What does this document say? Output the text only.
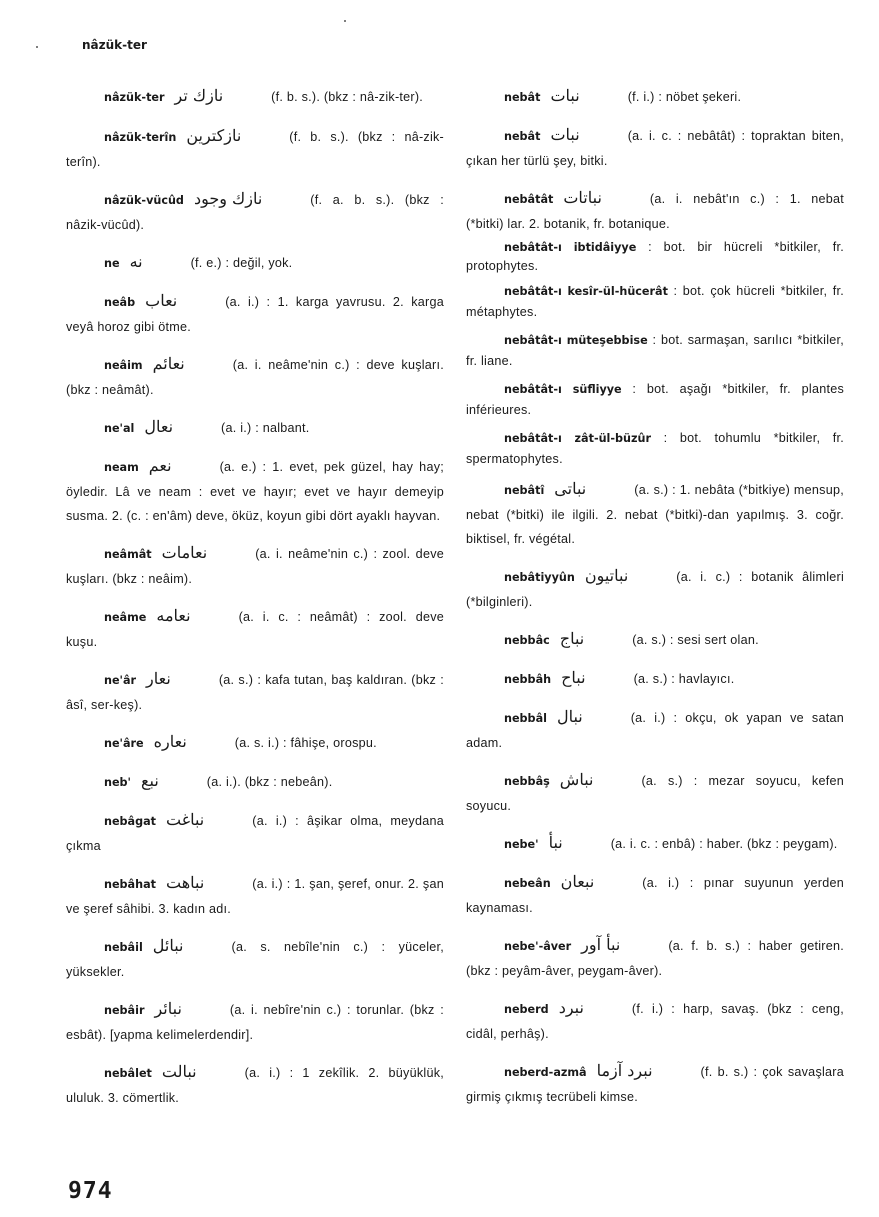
nâzük-ter
nâzük-ter نازك تر	(f. b. s.). (bkz : nâ-zik-ter).
nâzük-terîn نازكترين	(f. b. s.). (bkz : nâ-zik-terîn).
nâzük-vücûd نازك وجود	(f. a. b. s.). (bkz : nâzik-vücûd).
ne نه	(f. e.) : değil, yok.
neâb نعاب	(a. i.) : 1. karga yavrusu. 2. karga veyâ horoz gibi ötme.
neâim نعائم	(a. i. neâme'nin c.) : deve kuşları. (bkz : neâmât).
ne'al نعال	(a. i.) : nalbant.
neam نعم	(a. e.) : 1. evet, pek güzel, hay hay; öyledir. Lâ ve neam : evet ve hayır; evet ve hayır demeyip susma. 2. (c. : en'âm) deve, öküz, koyun gibi dört ayaklı hayvan.
neâmât نعامات	(a. i. neâme'nin c.) : zool. deve kuşları. (bkz : neâim).
neâme نعامه	(a. i. c. : neâmât) : zool. deve kuşu.
ne'âr نعار	(a. s.) : kafa tutan, baş kaldıran. (bkz : âsî, ser-keş).
ne'âre نعاره	(a. s. i.) : fâhişe, orospu.
neb' نبع	(a. i.). (bkz : nebeân).
nebâgat نباغت	(a. i.) : âşikar olma, meydana çıkma
nebâhat نباهت	(a. i.) : 1. şan, şeref, onur. 2. şan ve şeref sâhibi. 3. kadın adı.
nebâil نبائل	(a. s. nebîle'nin c.) : yüceler, yüksekler.
nebâir نبائر	(a. i. nebîre'nin c.) : torunlar. (bkz : esbât). [yapma kelimelerdendir].
nebâlet نبالت	(a. i.) : 1 zekîlik. 2. büyüklük, ululuk. 3. cömertlik.
nebât نبات	(f. i.) : nöbet şekeri.
nebât نبات	(a. i. c. : nebâtât) : topraktan biten, çıkan her türlü şey, bitki.
nebâtât نباتات	(a. i. nebât'ın c.) : 1. nebat (*bitki) lar. 2. botanik, fr. botanique.
nebâtât-ı ibtidâiyye : bot. bir hücreli *bitkiler, fr. protophytes.
nebâtât-ı kesîr-ül-hücerât : bot. çok hücreli *bitkiler, fr. métaphytes.
nebâtât-ı müteşebbise : bot. sarmaşan, sarılıcı *bitkiler, fr. liane.
nebâtât-ı süfliyye : bot. aşağı *bitkiler, fr. plantes inférieures.
nebâtât-ı zât-ül-büzûr : bot. tohumlu *bitkiler, fr. spermatophytes.
nebâtî نباتى	(a. s.) : 1. nebâta (*bitkiye) mensup, nebat (*bitki) ile ilgili. 2. nebat (*bitki)-dan yapılmış. 3. coğr. biktisel, fr. végétal.
nebâtiyyûn نباتيون	(a. i. c.) : botanik âlimleri (*bilginleri).
nebbâc نباج	(a. s.) : sesi sert olan.
nebbâh نباح	(a. s.) : havlayıcı.
nebbâl نبال	(a. i.) : okçu, ok yapan ve satan adam.
nebbâş نباش	(a. s.) : mezar soyucu, kefen soyucu.
nebe' نبأ	(a. i. c. : enbâ) : haber. (bkz : peygam).
nebeân نبعان	(a. i.) : pınar suyunun yerden kaynaması.
nebe'-âver نبأ آور	(a. f. b. s.) : haber getiren. (bkz : peyâm-âver, peygam-âver).
neberd نبرد	(f. i.) : harp, savaş. (bkz : ceng, cidâl, perhâş).
neberd-azmâ نبرد آزما	(f. b. s.) : çok savaşlara girmiş çıkmış tecrübeli kimse.
974
